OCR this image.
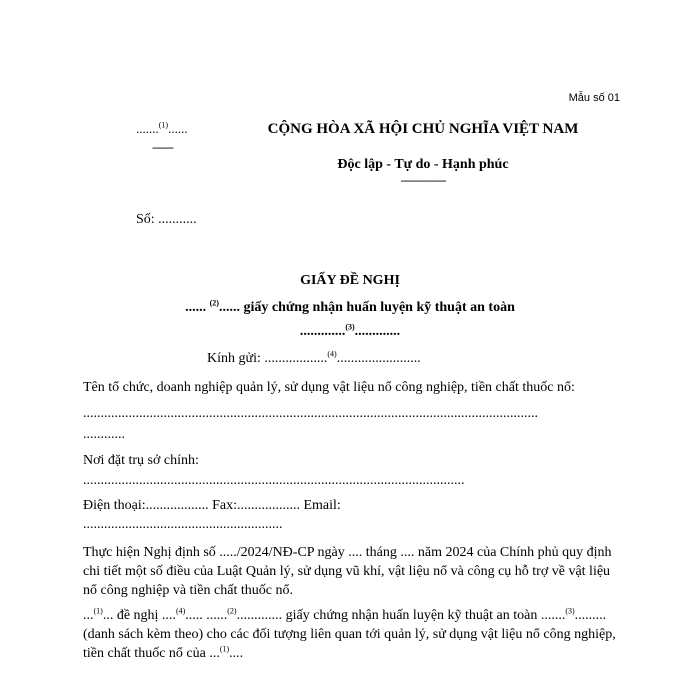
Mẫu số 01
.......$^{(1)}$......
-------
CỘNG HÒA XÃ HỘI CHỦ NGHĨA VIỆT NAM
Độc lập - Tự do - Hạnh phúc
---------------
Số: ...........
GIẤY ĐỀ NGHỊ
...... $^{(2)}$...... giấy chứng nhận huấn luyện kỹ thuật an toàn
.............$^{(3)}$.............
Kính gửi: ..................$^{(4)}$........................
Tên tổ chức, doanh nghiệp quản lý, sử dụng vật liệu nổ công nghiệp, tiền chất thuốc nổ:
..................................................................................................................................
............
Nơi đặt trụ sở chính:
.............................................................................................................
Điện thoại:.................. Fax:.................. Email:
.........................................................
Thực hiện Nghị định số ...../2024/NĐ-CP ngày .... tháng .... năm 2024 của Chính phủ quy định chi tiết một số điều của Luật Quản lý, sử dụng vũ khí, vật liệu nổ và công cụ hỗ trợ về vật liệu nổ công nghiệp và tiền chất thuốc nổ.
...$^{(1)}$... đề nghị ....$^{(4)}$..... ......$^{(2)}$............. giấy chứng nhận huấn luyện kỹ thuật an toàn .......$^{(3)}$......... (danh sách kèm theo) cho các đối tượng liên quan tới quản lý, sử dụng vật liệu nổ công nghiệp, tiền chất thuốc nổ của ...$^{(1)}$....
